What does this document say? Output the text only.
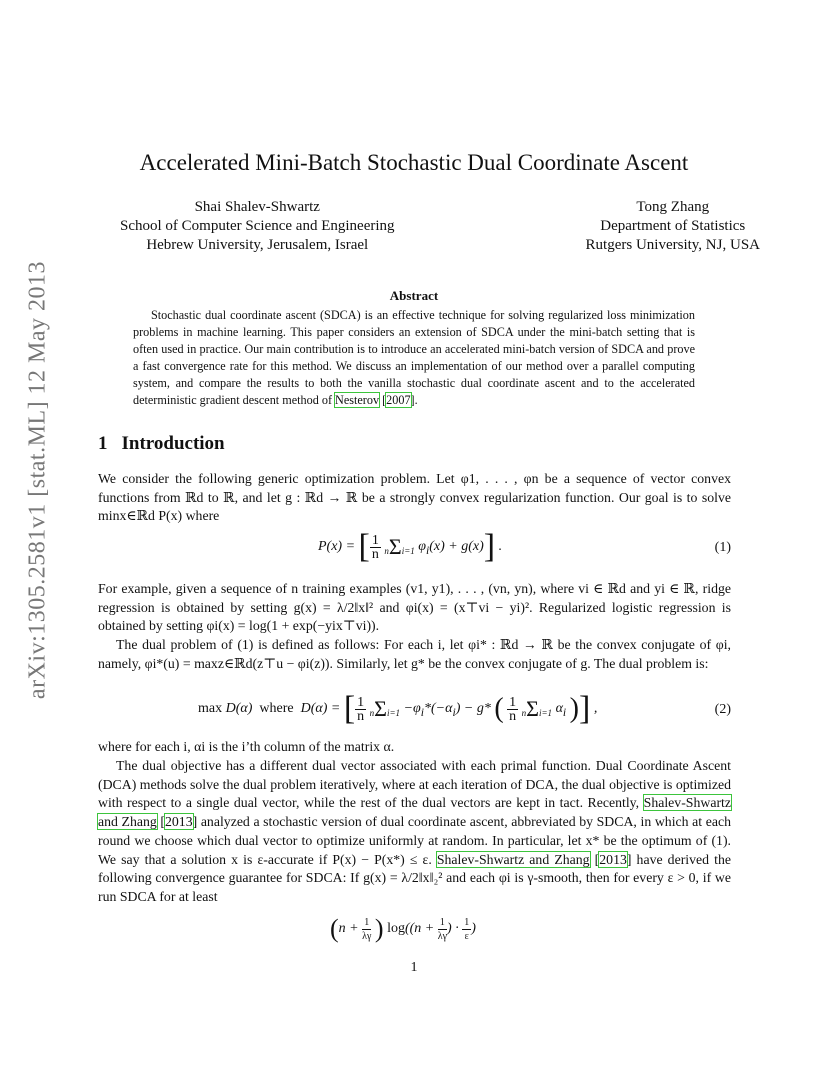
arXiv:1305.2581v1 [stat.ML] 12 May 2013
Accelerated Mini-Batch Stochastic Dual Coordinate Ascent
Shai Shalev-Shwartz
School of Computer Science and Engineering
Hebrew University, Jerusalem, Israel
Tong Zhang
Department of Statistics
Rutgers University, NJ, USA
Abstract
Stochastic dual coordinate ascent (SDCA) is an effective technique for solving regularized loss minimization problems in machine learning. This paper considers an extension of SDCA under the mini-batch setting that is often used in practice. Our main contribution is to introduce an accelerated mini-batch version of SDCA and prove a fast convergence rate for this method. We discuss an implementation of our method over a parallel computing system, and compare the results to both the vanilla stochastic dual coordinate ascent and to the accelerated deterministic gradient descent method of Nesterov [2007].
1 Introduction
We consider the following generic optimization problem. Let φ1, . . . , φn be a sequence of vector convex functions from ℝd to ℝ, and let g : ℝd → ℝ be a strongly convex regularization function. Our goal is to solve minx∈ℝd P(x) where
P(x) = [ $\frac{1}{n} n\Sigma i=1$ $\varphi_i(x) + g(x)$] .	(1)
For example, given a sequence of n training examples (v1, y1), . . . , (vn, yn), where vi ∈ ℝd and yi ∈ ℝ, ridge regression is obtained by setting g(x) = λ/2‖x‖² and φi(x) = (x⊤vi − yi)². Regularized logistic regression is obtained by setting φi(x) = log(1 + exp(−yix⊤vi)).
The dual problem of (1) is defined as follows: For each i, let φi* : ℝd → ℝ be the convex conjugate of φi, namely, φi*(u) = maxz∈ℝd(z⊤u − φi(z)). Similarly, let g* be the convex conjugate of g. The dual problem is:
max D(α)  where  D(α) = [ $\frac{1}{n} n\Sigma i=1 -\varphi_i*(-\alpha_i) - g*$ ( $\frac{1}{n} n\Sigma i=1$ $\alpha_i$ )] ,	(2)
where for each i, αi is the i’th column of the matrix α.
The dual objective has a different dual vector associated with each primal function. Dual Coordinate Ascent (DCA) methods solve the dual problem iteratively, where at each iteration of DCA, the dual objective is optimized with respect to a single dual vector, while the rest of the dual vectors are kept in tact. Recently, Shalev-Shwartz and Zhang [2013] analyzed a stochastic version of dual coordinate ascent, abbreviated by SDCA, in which at each round we choose which dual vector to optimize uniformly at random. In particular, let x* be the optimum of (1). We say that a solution x is ε-accurate if P(x) − P(x*) ≤ ε. Shalev-Shwartz and Zhang [2013] have derived the following convergence guarantee for SDCA: If g(x) = λ/2‖x‖₂² and each φi is γ-smooth, then for every ε > 0, if we run SDCA for at least
($n + \frac{1}{\lambda\gamma}$ ) $\log((n + \frac{1}{\lambda\gamma}$ ) · $\frac{1}{\varepsilon}$ )
1
